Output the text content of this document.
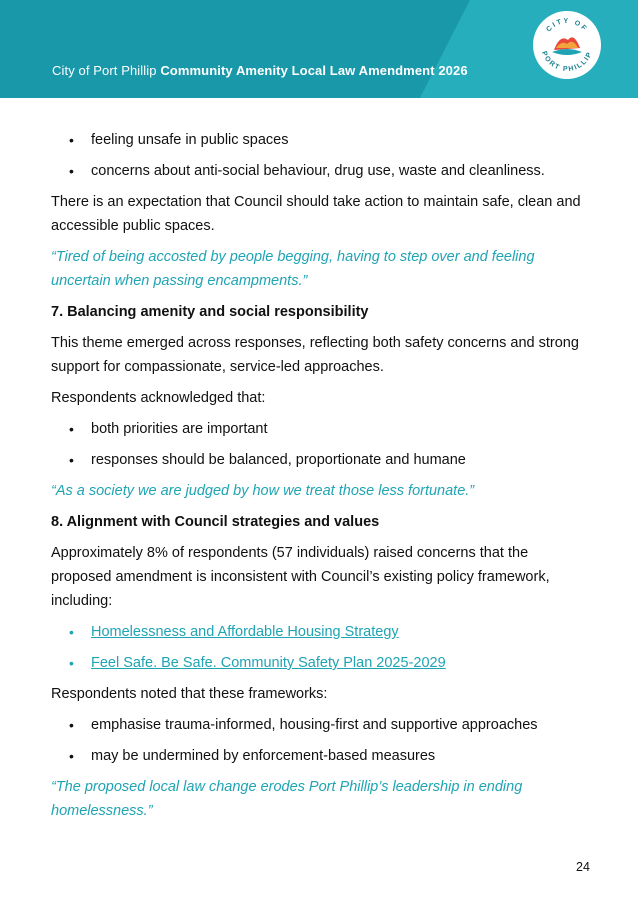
City of Port Phillip Community Amenity Local Law Amendment 2026
CITY OF
PORT PHILLIP
• feeling unsafe in public spaces
• concerns about anti-social behaviour, drug use, waste and cleanliness.

There is an expectation that Council should take action to maintain safe, clean and accessible public spaces.

“Tired of being accosted by people begging, having to step over and feeling uncertain when passing encampments.”

7. Balancing amenity and social responsibility

This theme emerged across responses, reflecting both safety concerns and strong support for compassionate, service-led approaches.

Respondents acknowledged that:

• both priorities are important
• responses should be balanced, proportionate and humane

“As a society we are judged by how we treat those less fortunate.”

8. Alignment with Council strategies and values

Approximately 8% of respondents (57 individuals) raised concerns that the proposed amendment is inconsistent with Council’s existing policy framework, including:

• Homelessness and Affordable Housing Strategy
• Feel Safe. Be Safe. Community Safety Plan 2025-2029

Respondents noted that these frameworks:

• emphasise trauma-informed, housing-first and supportive approaches
• may be undermined by enforcement-based measures

“The proposed local law change erodes Port Phillip’s leadership in ending homelessness.”

24
